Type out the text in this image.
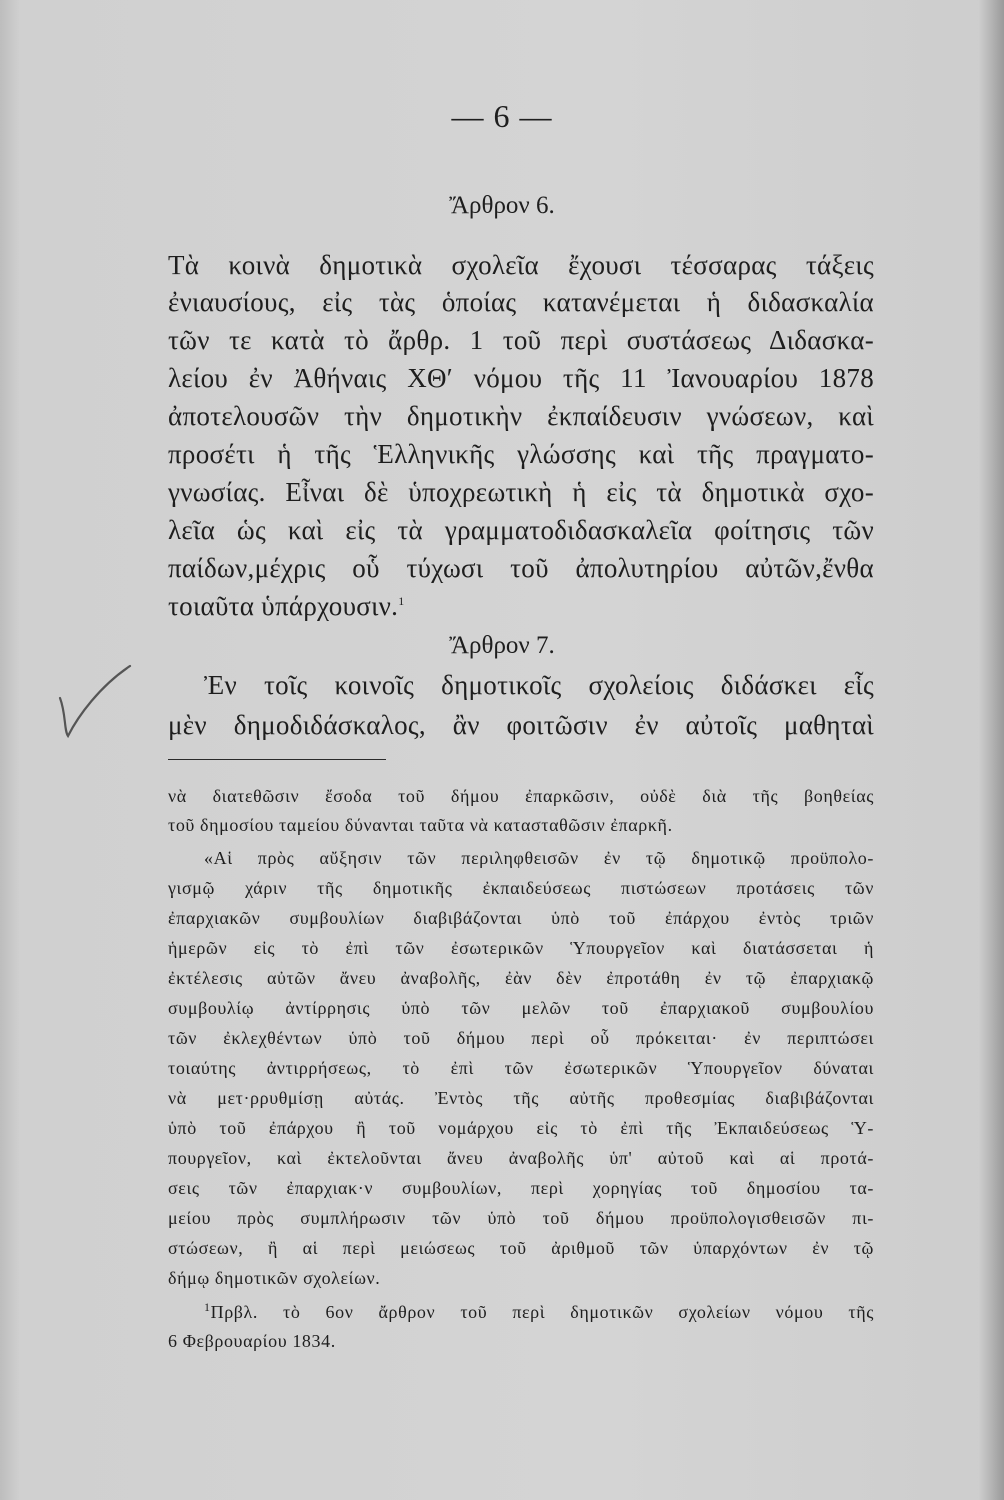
— 6 —
Ἄρθρον 6.
Τὰ κοινὰ δημοτικὰ σχολεῖα ἔχουσι τέσσαρας τάξεις
ἐνιαυσίους, εἰς τὰς ὁποίας κατανέμεται ἡ διδασκαλία
τῶν τε κατὰ τὸ ἄρθρ. 1 τοῦ περὶ συστάσεως Διδασκα-
λείου ἐν Ἀθήναις ΧΘʹ νόμου τῆς 11 Ἰανουαρίου 1878
ἀποτελουσῶν τὴν δημοτικὴν ἐκπαίδευσιν γνώσεων, καὶ
προσέτι ἡ τῆς Ἑλληνικῆς γλώσσης καὶ τῆς πραγματο-
γνωσίας. Εἶναι δὲ ὑποχρεωτικὴ ἡ εἰς τὰ δημοτικὰ σχο-
λεῖα ὡς καὶ εἰς τὰ γραμματοδιδασκαλεῖα φοίτησις τῶν
παίδων,μέχρις οὗ τύχωσι τοῦ ἀπολυτηρίου αὐτῶν,ἔνθα
τοιαῦτα ὑπάρχουσιν.$^1$
Ἄρθρον 7.
Ἐν τοῖς κοινοῖς δημοτικοῖς σχολείοις διδάσκει εἷς
μὲν δημοδιδάσκαλος, ἂν φοιτῶσιν ἐν αὐτοῖς μαθηταὶ
νὰ διατεθῶσιν ἔσοδα τοῦ δήμου ἐπαρκῶσιν, οὐδὲ διὰ τῆς βοηθείας
τοῦ δημοσίου ταμείου δύνανται ταῦτα νὰ κατασταθῶσιν ἐπαρκῆ.
«Αἱ πρὸς αὔξησιν τῶν περιληφθεισῶν ἐν τῷ δημοτικῷ προϋπολο-
γισμῷ χάριν τῆς δημοτικῆς ἐκπαιδεύσεως πιστώσεων προτάσεις τῶν
ἐπαρχιακῶν συμβουλίων διαβιβάζονται ὑπὸ τοῦ ἐπάρχου ἐντὸς τριῶν
ἡμερῶν εἰς τὸ ἐπὶ τῶν ἐσωτερικῶν Ὑπουργεῖον καὶ διατάσσεται ἡ
ἐκτέλεσις αὐτῶν ἄνευ ἀναβολῆς, ἐὰν δὲν ἐπροτάθη ἐν τῷ ἐπαρχιακῷ
συμβουλίῳ ἀντίρρησις ὑπὸ τῶν μελῶν τοῦ ἐπαρχιακοῦ συμβουλίου
τῶν ἐκλεχθέντων ὑπὸ τοῦ δήμου περὶ οὗ πρόκειται· ἐν περιπτώσει
τοιαύτης ἀντιρρήσεως, τὸ ἐπὶ τῶν ἐσωτερικῶν Ὑπουργεῖον δύναται
νὰ μετ·ρρυθμίσῃ αὐτάς. Ἐντὸς τῆς αὐτῆς προθεσμίας διαβιβάζονται
ὑπὸ τοῦ ἐπάρχου ἢ τοῦ νομάρχου εἰς τὸ ἐπὶ τῆς Ἐκπαιδεύσεως Ὑ-
πουργεῖον, καὶ ἐκτελοῦνται ἄνευ ἀναβολῆς ὑπ' αὐτοῦ καὶ αἱ προτά-
σεις τῶν ἐπαρχιακ·ν συμβουλίων, περὶ χορηγίας τοῦ δημοσίου τα-
μείου πρὸς συμπλήρωσιν τῶν ὑπὸ τοῦ δήμου προϋπολογισθεισῶν πι-
στώσεων, ἢ αἱ περὶ μειώσεως τοῦ ἀριθμοῦ τῶν ὑπαρχόντων ἐν τῷ
δήμῳ δημοτικῶν σχολείων.
$^1$Πρβλ. τὸ 6ον ἄρθρον τοῦ περὶ δημοτικῶν σχολείων νόμου τῆς
6 Φεβρουαρίου 1834.
